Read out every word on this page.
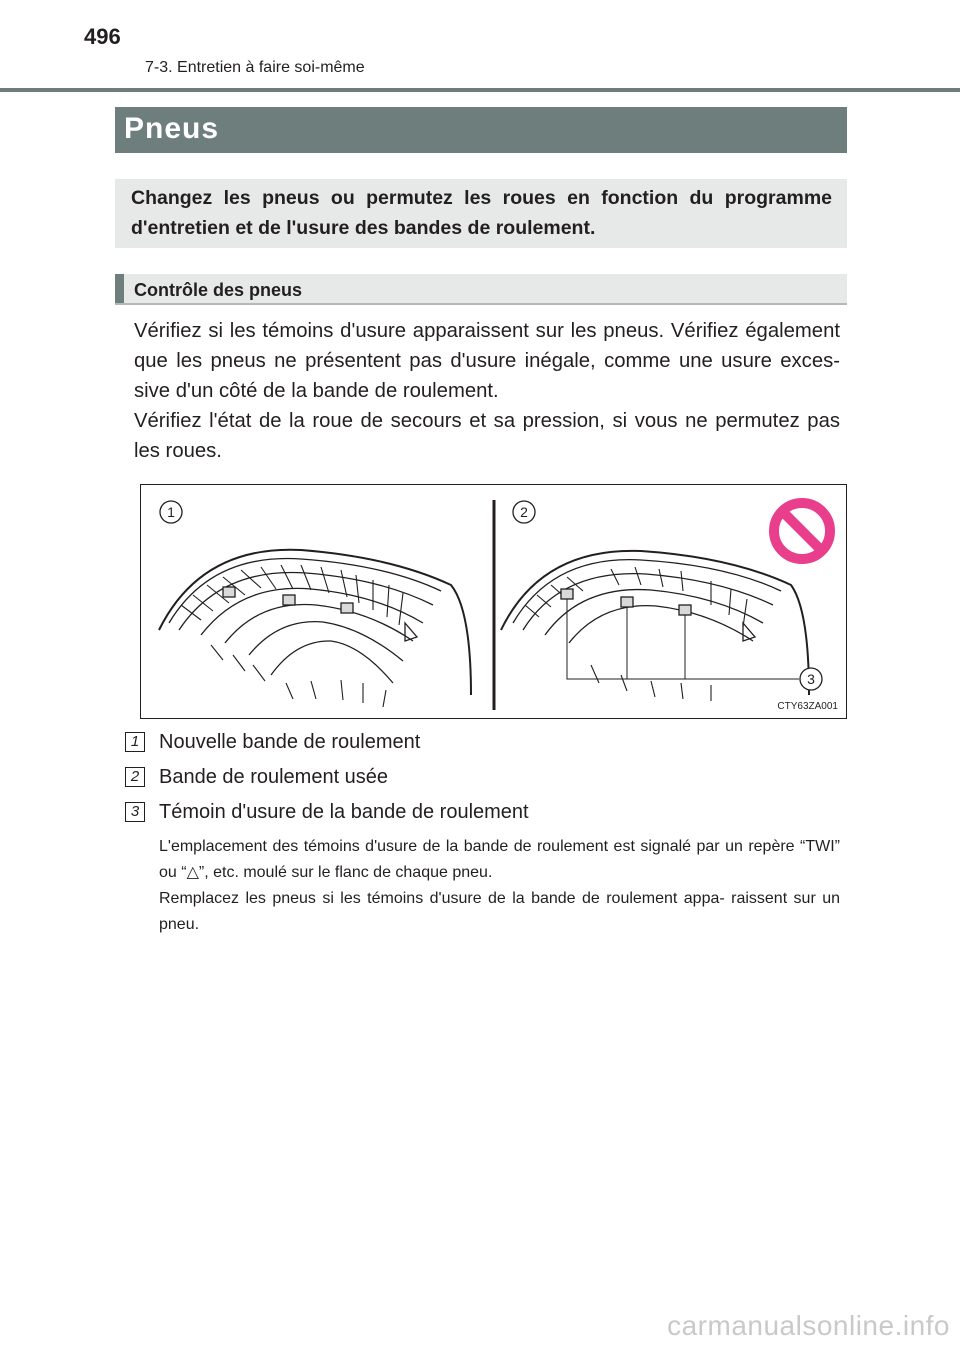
496
7-3. Entretien à faire soi-même
Pneus
Changez les pneus ou permutez les roues en fonction du programme d'entretien et de l'usure des bandes de roulement.
Contrôle des pneus
Vérifiez si les témoins d'usure apparaissent sur les pneus. Vérifiez également que les pneus ne présentent pas d'usure inégale, comme une usure exces- sive d'un côté de la bande de roulement.
Vérifiez l'état de la roue de secours et sa pression, si vous ne permutez pas les roues.
1	2
3
CTY63ZA001
1 Nouvelle bande de roulement
2 Bande de roulement usée
3 Témoin d'usure de la bande de roulement
L'emplacement des témoins d'usure de la bande de roulement est signalé par un repère “TWI” ou “△”, etc. moulé sur le flanc de chaque pneu.
Remplacez les pneus si les témoins d'usure de la bande de roulement appa- raissent sur un pneu.
carmanualsonline.info
